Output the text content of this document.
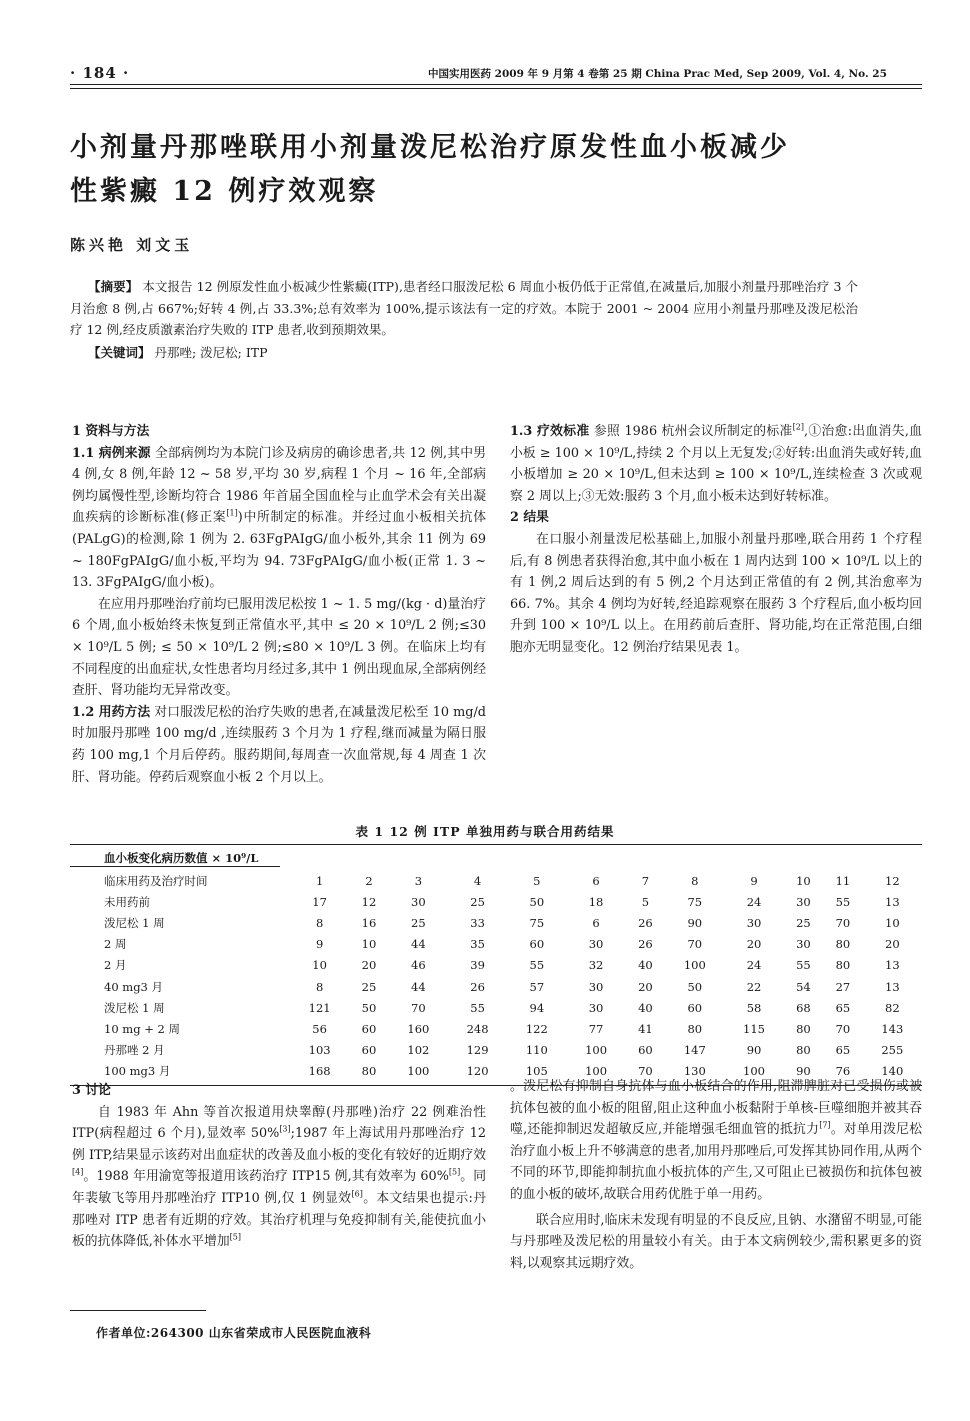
· 184 ·	中国实用医药 2009 年 9 月第 4 卷第 25 期 China Prac Med, Sep 2009, Vol. 4, No. 25
小剂量丹那唑联用小剂量泼尼松治疗原发性血小板减少性紫癜 12 例疗效观察
陈兴艳 刘文玉

【摘要】 本文报告 12 例原发性血小板减少性紫癜(ITP),患者经口服泼尼松 6 周血小板仍低于正常值,在减量后,加服小剂量丹那唑治疗 3 个月治愈 8 例,占 667%;好转 4 例,占 33.3%;总有效率为 100%,提示该法有一定的疗效。本院于 2001 ~ 2004 应用小剂量丹那唑及泼尼松治疗 12 例,经皮质激素治疗失败的 ITP 患者,收到预期效果。

【关键词】 丹那唑; 泼尼松; ITP

1 资料与方法

1.1 病例来源 全部病例均为本院门诊及病房的确诊患者,共 12 例,其中男 4 例,女 8 例,年龄 12 ~ 58 岁,平均 30 岁,病程 1 个月 ~ 16 年,全部病例均属慢性型,诊断均符合 1986 年首届全国血栓与止血学术会有关出凝血疾病的诊断标准(修正案[1])中所制定的标准。并经过血小板相关抗体(PALgG)的检测,除 1 例为 2. 63FgPAIgG/血小板外,其余 11 例为 69 ~ 180FgPAIgG/血小板,平均为 94. 73FgPAIgG/血小板(正常 1. 3 ~ 13. 3FgPAIgG/血小板)。

在应用丹那唑治疗前均已服用泼尼松按 1 ~ 1. 5 mg/(kg · d)量治疗 6 个周,血小板始终未恢复到正常值水平,其中 ≤ 20 × 10⁹/L 2 例;≤30 × 10⁹/L 5 例; ≤ 50 × 10⁹/L 2 例;≤80 × 10⁹/L 3 例。在临床上均有不同程度的出血症状,女性患者均月经过多,其中 1 例出现血尿,全部病例经查肝、肾功能均无异常改变。

1.2 用药方法 对口服泼尼松的治疗失败的患者,在减量泼尼松至 10 mg/d 时加服丹那唑 100 mg/d ,连续服药 3 个月为 1 疗程,继而减量为隔日服药 100 mg,1 个月后停药。服药期间,每周查一次血常规,每 4 周查 1 次肝、肾功能。停药后观察血小板 2 个月以上。

1.3 疗效标准 参照 1986 杭州会议所制定的标准[2],①治愈:出血消失,血小板 ≥ 100 × 10⁹/L,持续 2 个月以上无复发;②好转:出血消失或好转,血小板增加 ≥ 20 × 10⁹/L,但未达到 ≥ 100 × 10⁹/L,连续检查 3 次或观察 2 周以上;③无效:服药 3 个月,血小板未达到好转标准。

2 结果

在口服小剂量泼尼松基础上,加服小剂量丹那唑,联合用药 1 个疗程后,有 8 例患者获得治愈,其中血小板在 1 周内达到 100 × 10⁹/L 以上的有 1 例,2 周后达到的有 5 例,2 个月达到正常值的有 2 例,其治愈率为 66. 7%。其余 4 例均为好转,经追踪观察在服药 3 个疗程后,血小板均回升到 100 × 10⁹/L 以上。在用药前后查肝、肾功能,均在正常范围,白细胞亦无明显变化。12 例治疗结果见表 1。

表 1 12 例 ITP 单独用药与联合用药结果
血小板变化病历数值 × 10⁹/L
临床用药及治疗时间	1	2	3	4	5	6	7	8	9	10	11	12
未用药前	17	12	30	25	50	18	5	75	24	30	55	13
泼尼松 1 周	8	16	25	33	75	6	26	90	30	25	70	10
2 周	9	10	44	35	60	30	26	70	20	30	80	20
2 月	10	20	46	39	55	32	40	100	24	55	80	13
40 mg3 月	8	25	44	26	57	30	20	50	22	54	27	13
泼尼松 1 周	121	50	70	55	94	30	40	60	58	68	65	82
10 mg + 2 周	56	60	160	248	122	77	41	80	115	80	70	143
丹那唑 2 月	103	60	102	129	110	100	60	147	90	80	65	255
100 mg3 月	168	80	100	120	105	100	70	130	100	90	76	140

3 讨论

自 1983 年 Ahn 等首次报道用炔睾醇(丹那唑)治疗 22 例难治性 ITP(病程超过 6 个月),显效率 50%[3];1987 年上海试用丹那唑治疗 12 例 ITP,结果显示该药对出血症状的改善及血小板的变化有较好的近期疗效[4]。1988 年用渝宽等报道用该药治疗 ITP15 例,其有效率为 60%[5]。同年裴敏飞等用丹那唑治疗 ITP10 例,仅 1 例显效[6]。本文结果也提示:丹那唑对 ITP 患者有近期的疗效。其治疗机理与免疫抑制有关,能使抗血小板的抗体降低,补体水平增加[5]

。泼尼松有抑制自身抗体与血小板结合的作用,阻滞脾脏对已受损伤或被抗体包被的血小板的阻留,阻止这种血小板黏附于单核-巨噬细胞并被其吞噬,还能抑制迟发超敏反应,并能增强毛细血管的抵抗力[7]。对单用泼尼松治疗血小板上升不够满意的患者,加用丹那唑后,可发挥其协同作用,从两个不同的环节,即能抑制抗血小板抗体的产生,又可阻止已被损伤和抗体包被的血小板的破坏,故联合用药优胜于单一用药。

联合应用时,临床未发现有明显的不良反应,且钠、水潴留不明显,可能与丹那唑及泼尼松的用量较小有关。由于本文病例较少,需积累更多的资料,以观察其远期疗效。

作者单位:264300 山东省荣成市人民医院血液科
